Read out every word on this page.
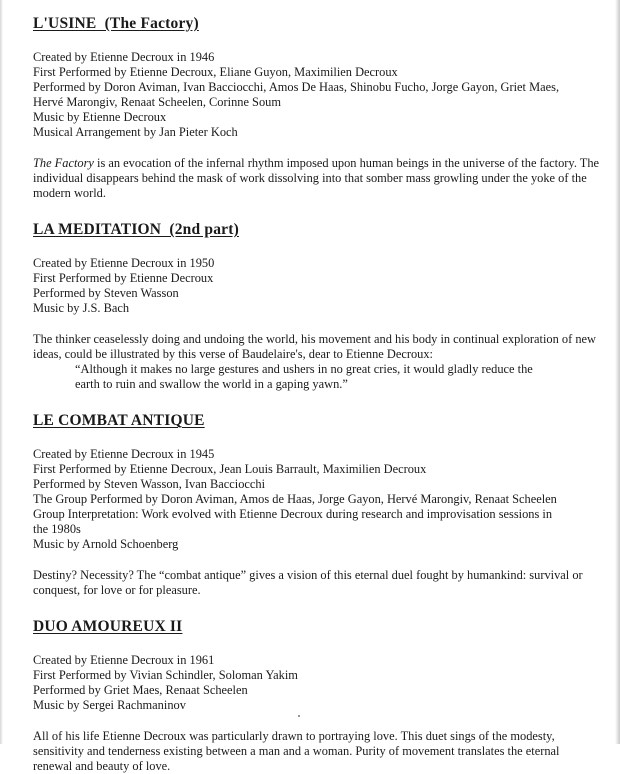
L'USINE  (The Factory)
Created by Etienne Decroux in 1946
First Performed by Etienne Decroux, Eliane Guyon, Maximilien Decroux
Performed by Doron Aviman, Ivan Bacciocchi, Amos De Haas, Shinobu Fucho, Jorge Gayon, Griet Maes,
Hervé Marongiv, Renaat Scheelen, Corinne Soum
Music by Etienne Decroux
Musical Arrangement by Jan Pieter Koch

The Factory is an evocation of the infernal rhythm imposed upon human beings in the universe of the factory. The individual disappears behind the mask of work dissolving into that somber mass growling under the yoke of the modern world.

LA MEDITATION  (2nd part)
Created by Etienne Decroux in 1950
First Performed by Etienne Decroux
Performed by Steven Wasson
Music by J.S. Bach

The thinker ceaselessly doing and undoing the world, his movement and his body in continual exploration of new ideas, could be illustrated by this verse of Baudelaire's, dear to Etienne Decroux:

“Although it makes no large gestures and ushers in no great cries, it would gladly reduce the
earth to ruin and swallow the world in a gaping yawn.”
LE COMBAT ANTIQUE
Created by Etienne Decroux in 1945
First Performed by Etienne Decroux, Jean Louis Barrault, Maximilien Decroux
Performed by Steven Wasson, Ivan Bacciocchi
The Group Performed by Doron Aviman, Amos de Haas, Jorge Gayon, Hervé Marongiv, Renaat Scheelen
Group Interpretation: Work evolved with Etienne Decroux during research and improvisation sessions in
the 1980s
Music by Arnold Schoenberg

Destiny? Necessity? The “combat antique” gives a vision of this eternal duel fought by humankind: survival or conquest, for love or for pleasure.

DUO AMOUREUX II
Created by Etienne Decroux in 1961
First Performed by Vivian Schindler, Soloman Yakim
Performed by Griet Maes, Renaat Scheelen
Music by Sergei Rachmaninov

All of his life Etienne Decroux was particularly drawn to portraying love. This duet sings of the modesty, sensitivity and tenderness existing between a man and a woman. Purity of movement translates the eternal renewal and beauty of love.
